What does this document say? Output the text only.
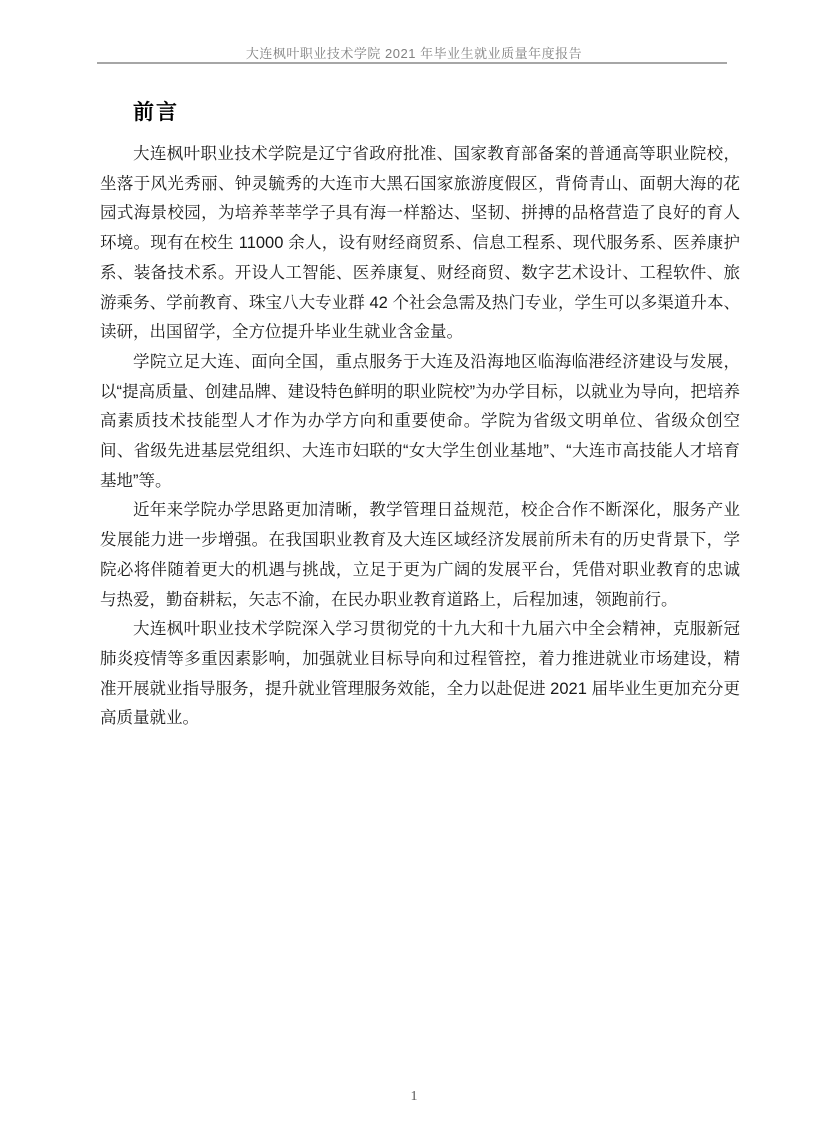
大连枫叶职业技术学院 2021 年毕业生就业质量年度报告
前言

大连枫叶职业技术学院是辽宁省政府批准、国家教育部备案的普通高等职业院校，坐落于风光秀丽、钟灵毓秀的大连市大黑石国家旅游度假区，背倚青山、面朝大海的花园式海景校园，为培养莘莘学子具有海一样豁达、坚韧、拼搏的品格营造了良好的育人环境。现有在校生 11000 余人，设有财经商贸系、信息工程系、现代服务系、医养康护系、装备技术系。开设人工智能、医养康复、财经商贸、数字艺术设计、工程软件、旅游乘务、学前教育、珠宝八大专业群 42 个社会急需及热门专业，学生可以多渠道升本、读研，出国留学，全方位提升毕业生就业含金量。

学院立足大连、面向全国，重点服务于大连及沿海地区临海临港经济建设与发展，以“提高质量、创建品牌、建设特色鲜明的职业院校”为办学目标，以就业为导向，把培养高素质技术技能型人才作为办学方向和重要使命。学院为省级文明单位、省级众创空间、省级先进基层党组织、大连市妇联的“女大学生创业基地”、“大连市高技能人才培育基地”等。

近年来学院办学思路更加清晰，教学管理日益规范，校企合作不断深化，服务产业发展能力进一步增强。在我国职业教育及大连区域经济发展前所未有的历史背景下，学院必将伴随着更大的机遇与挑战，立足于更为广阔的发展平台，凭借对职业教育的忠诚与热爱，勤奋耕耘，矢志不渝，在民办职业教育道路上，后程加速，领跑前行。

大连枫叶职业技术学院深入学习贯彻党的十九大和十九届六中全会精神，克服新冠肺炎疫情等多重因素影响，加强就业目标导向和过程管控，着力推进就业市场建设，精准开展就业指导服务，提升就业管理服务效能，全力以赴促进 2021 届毕业生更加充分更高质量就业。

1
